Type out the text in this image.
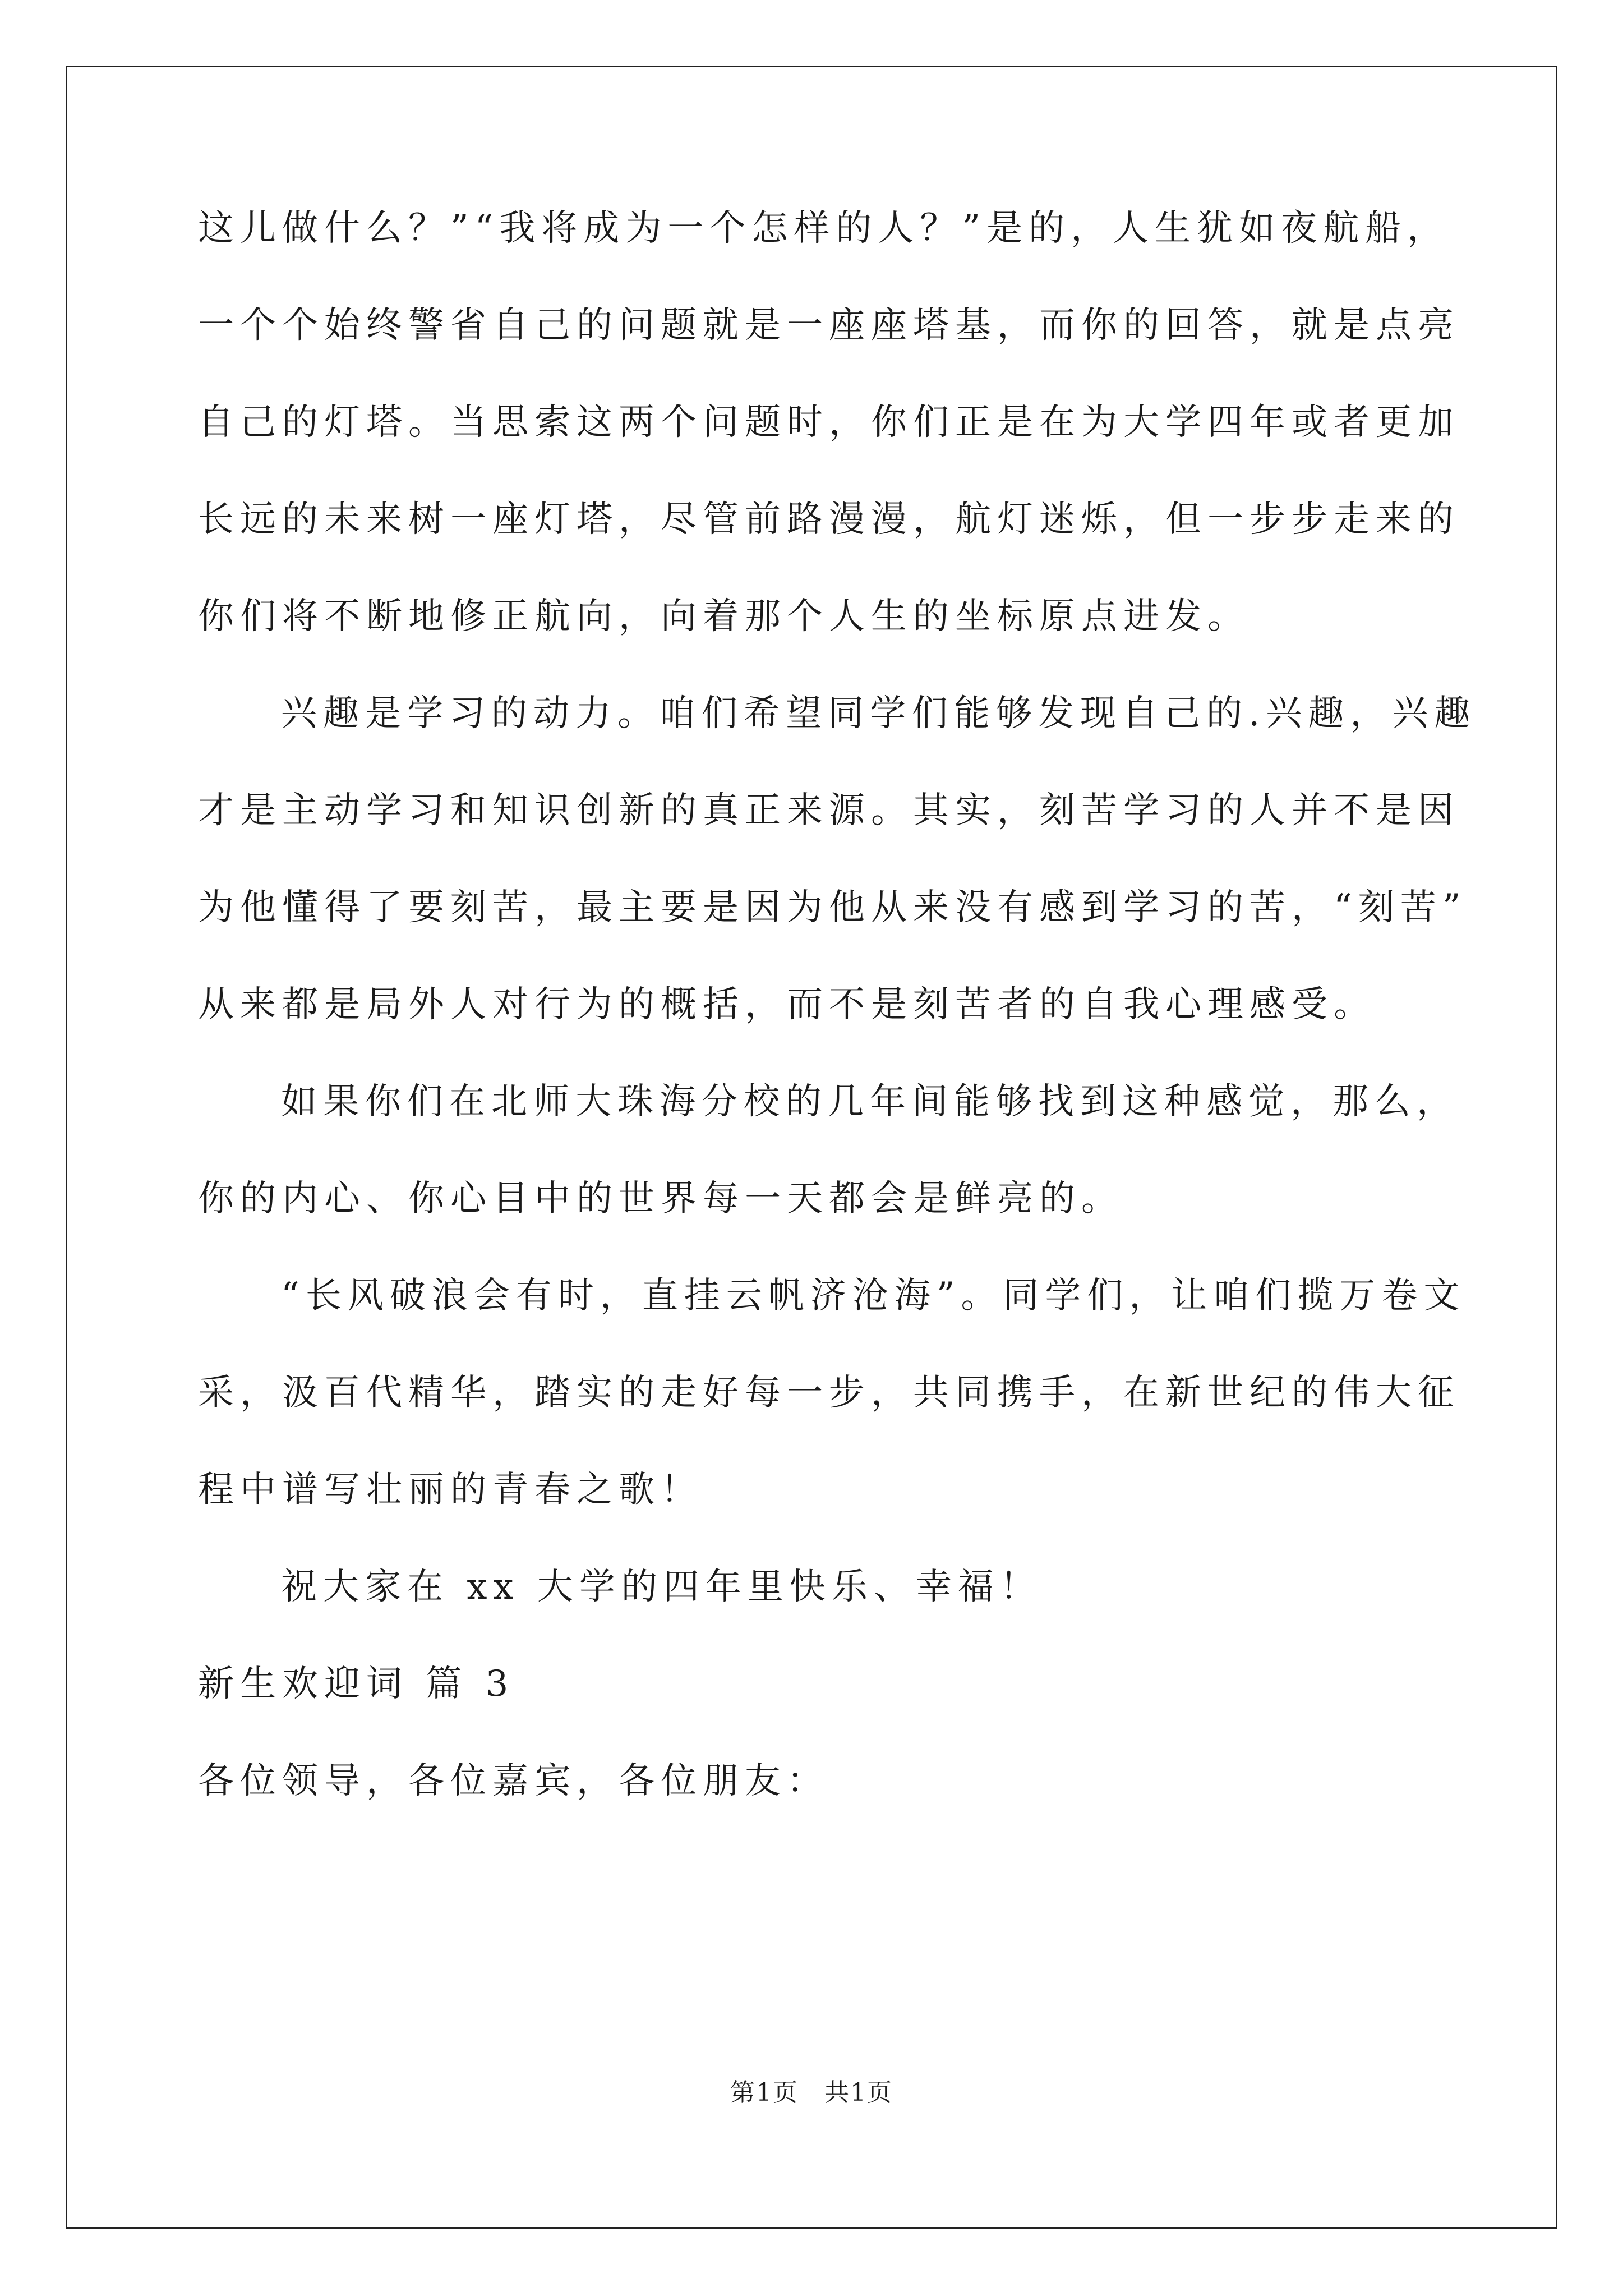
这儿做什么？”“我将成为一个怎样的人？”是的，人生犹如夜航船，

一个个始终警省自己的问题就是一座座塔基，而你的回答，就是点亮

自己的灯塔。当思索这两个问题时，你们正是在为大学四年或者更加

长远的未来树一座灯塔，尽管前路漫漫，航灯迷烁，但一步步走来的

你们将不断地修正航向，向着那个人生的坐标原点进发。

兴趣是学习的动力。咱们希望同学们能够发现自己的.兴趣，兴趣

才是主动学习和知识创新的真正来源。其实，刻苦学习的人并不是因

为他懂得了要刻苦，最主要是因为他从来没有感到学习的苦，“刻苦”

从来都是局外人对行为的概括，而不是刻苦者的自我心理感受。

如果你们在北师大珠海分校的几年间能够找到这种感觉，那么，

你的内心、你心目中的世界每一天都会是鲜亮的。

“长风破浪会有时，直挂云帆济沧海”。同学们，让咱们揽万卷文

采，汲百代精华，踏实的走好每一步，共同携手，在新世纪的伟大征

程中谱写壮丽的青春之歌！

祝大家在 xx 大学的四年里快乐、幸福！

新生欢迎词 篇 3

各位领导，各位嘉宾，各位朋友：

第1页　共1页
